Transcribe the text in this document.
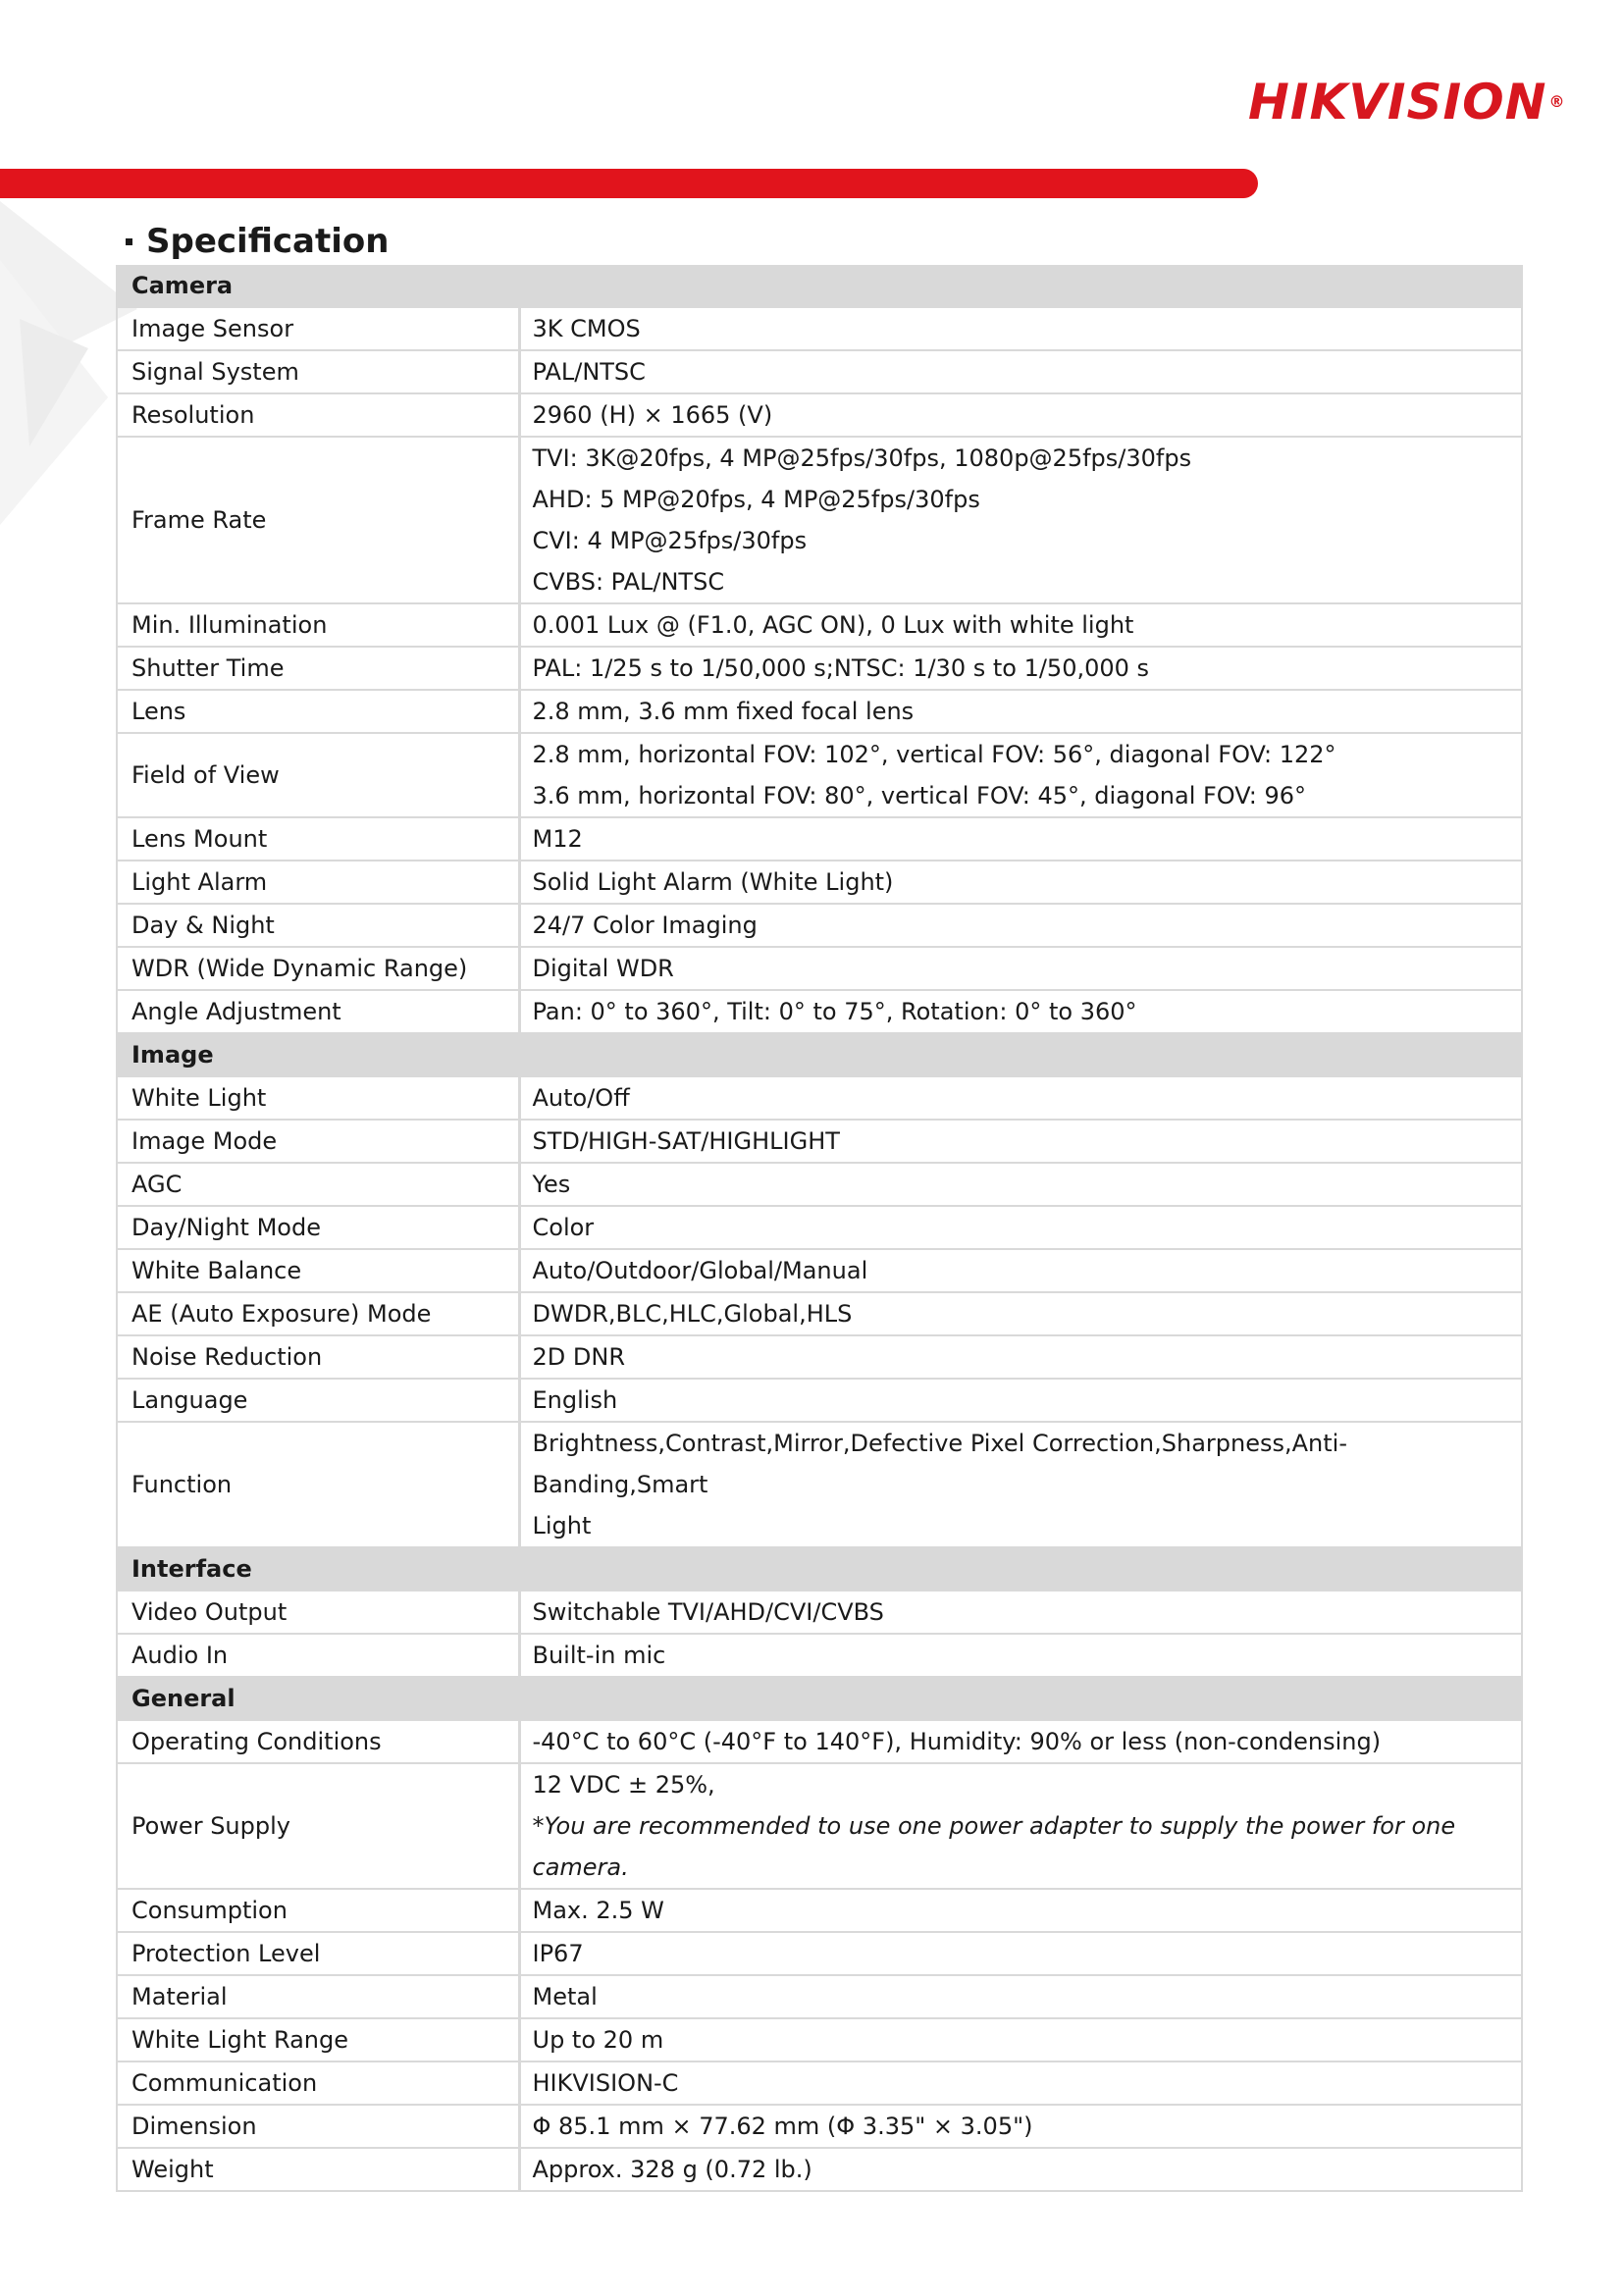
HIKVISION ®
Specification
Camera	
Image Sensor	3K CMOS

Signal System	PAL/NTSC

Resolution	2960 (H) × 1665 (V)

Frame Rate	TVI: 3K@20fps, 4 MP@25fps/30fps, 1080p@25fps/30fps
AHD: 5 MP@20fps, 4 MP@25fps/30fps
CVI: 4 MP@25fps/30fps
CVBS: PAL/NTSC

Min. Illumination	0.001 Lux @ (F1.0, AGC ON), 0 Lux with white light

Shutter Time	PAL: 1/25 s to 1/50,000 s;NTSC: 1/30 s to 1/50,000 s

Lens	2.8 mm, 3.6 mm fixed focal lens

Field of View	2.8 mm, horizontal FOV: 102°, vertical FOV: 56°, diagonal FOV: 122°
3.6 mm, horizontal FOV: 80°, vertical FOV: 45°, diagonal FOV: 96°

Lens Mount	M12

Light Alarm	Solid Light Alarm (White Light)

Day & Night	24/7 Color Imaging

WDR (Wide Dynamic Range)	Digital WDR

Angle Adjustment	Pan: 0° to 360°, Tilt: 0° to 75°, Rotation: 0° to 360°

Image	
White Light	Auto/Off

Image Mode	STD/HIGH-SAT/HIGHLIGHT

AGC	Yes

Day/Night Mode	Color

White Balance	Auto/Outdoor/Global/Manual

AE (Auto Exposure) Mode	DWDR,BLC,HLC,Global,HLS

Noise Reduction	2D DNR

Language	English

Function	Brightness,Contrast,Mirror,Defective Pixel Correction,Sharpness,Anti-Banding,Smart
Light

Interface	
Video Output	Switchable TVI/AHD/CVI/CVBS

Audio In	Built-in mic

General	
Operating Conditions	-40°C to 60°C (-40°F to 140°F), Humidity: 90% or less (non-condensing)

Power Supply	12 VDC ± 25%,
*You are recommended to use one power adapter to supply the power for one camera.

Consumption	Max. 2.5 W

Protection Level	IP67

Material	Metal

White Light Range	Up to 20 m

Communication	HIKVISION-C

Dimension	Φ 85.1 mm × 77.62 mm (Φ 3.35" × 3.05")

Weight	Approx. 328 g (0.72 lb.)
